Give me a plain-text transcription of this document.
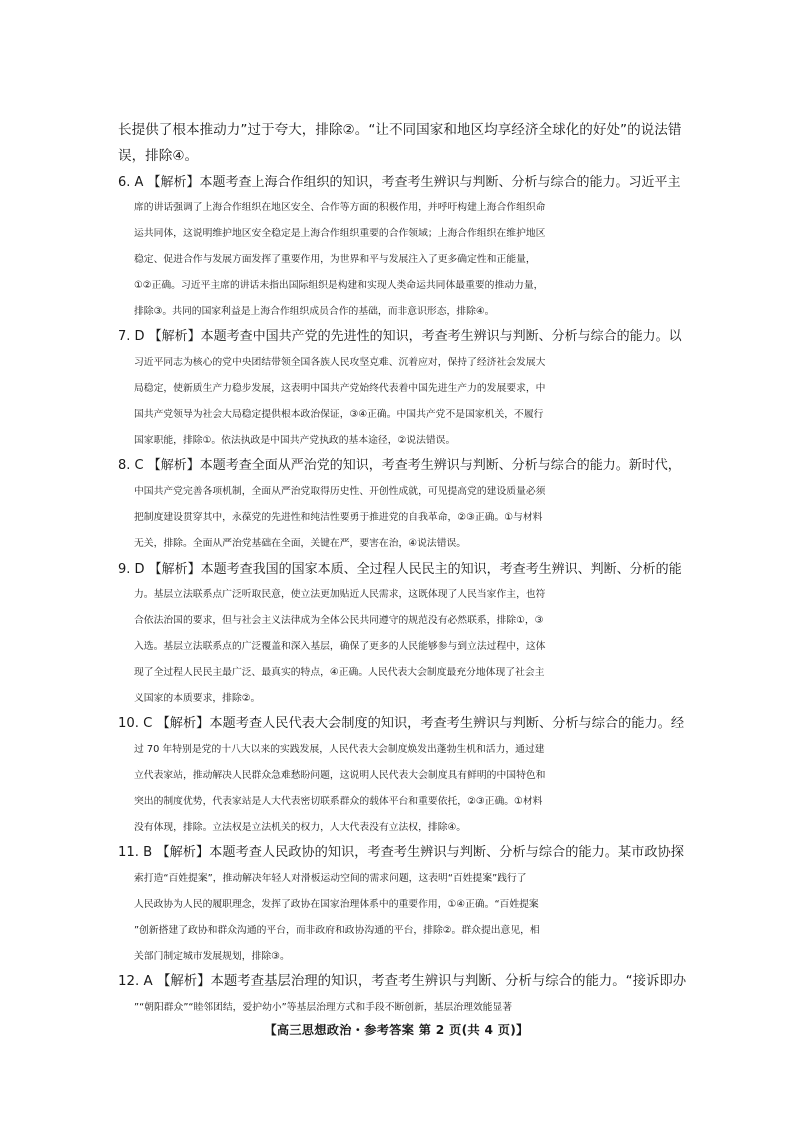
长提供了根本推动力”过于夸大，排除②。“让不同国家和地区均享经济全球化的好处”的说法错
误，排除④。
6. A 【解析】本题考查上海合作组织的知识，考查考生辨识与判断、分析与综合的能力。习近平主
席的讲话强调了上海合作组织在地区安全、合作等方面的积极作用，并呼吁构建上海合作组织命
运共同体，这说明维护地区安全稳定是上海合作组织重要的合作领域；上海合作组织在维护地区
稳定、促进合作与发展方面发挥了重要作用，为世界和平与发展注入了更多确定性和正能量，
①②正确。习近平主席的讲话未指出国际组织是构建和实现人类命运共同体最重要的推动力量，
排除③。共同的国家利益是上海合作组织成员合作的基础，而非意识形态，排除④。
7. D 【解析】本题考查中国共产党的先进性的知识，考查考生辨识与判断、分析与综合的能力。以
习近平同志为核心的党中央团结带领全国各族人民攻坚克难、沉着应对，保持了经济社会发展大
局稳定，使新质生产力稳步发展，这表明中国共产党始终代表着中国先进生产力的发展要求，中
国共产党领导为社会大局稳定提供根本政治保证，③④正确。中国共产党不是国家机关，不履行
国家职能，排除①。依法执政是中国共产党执政的基本途径，②说法错误。
8. C 【解析】本题考查全面从严治党的知识，考查考生辨识与判断、分析与综合的能力。新时代，
中国共产党完善各项机制，全面从严治党取得历史性、开创性成就，可见提高党的建设质量必须
把制度建设贯穿其中，永葆党的先进性和纯洁性要勇于推进党的自我革命，②③正确。①与材料
无关，排除。全面从严治党基础在全面，关键在严，要害在治，④说法错误。
9. D 【解析】本题考查我国的国家本质、全过程人民民主的知识，考查考生辨识、判断、分析的能
力。基层立法联系点广泛听取民意，使立法更加贴近人民需求，这既体现了人民当家作主，也符
合依法治国的要求，但与社会主义法律成为全体公民共同遵守的规范没有必然联系，排除①，③
入选。基层立法联系点的广泛覆盖和深入基层，确保了更多的人民能够参与到立法过程中，这体
现了全过程人民民主最广泛、最真实的特点，④正确。人民代表大会制度最充分地体现了社会主
义国家的本质要求，排除②。
10. C 【解析】本题考查人民代表大会制度的知识，考查考生辨识与判断、分析与综合的能力。经
过 70 年特别是党的十八大以来的实践发展，人民代表大会制度焕发出蓬勃生机和活力，通过建
立代表家站，推动解决人民群众急难愁盼问题，这说明人民代表大会制度具有鲜明的中国特色和
突出的制度优势，代表家站是人大代表密切联系群众的载体平台和重要依托，②③正确。①材料
没有体现，排除。立法权是立法机关的权力，人大代表没有立法权，排除④。
11. B 【解析】本题考查人民政协的知识，考查考生辨识与判断、分析与综合的能力。某市政协探
索打造“百姓提案”，推动解决年轻人对滑板运动空间的需求问题，这表明“百姓提案”践行了
人民政协为人民的履职理念，发挥了政协在国家治理体系中的重要作用，①④正确。“百姓提案
”创新搭建了政协和群众沟通的平台，而非政府和政协沟通的平台，排除②。群众提出意见，相
关部门制定城市发展规划，排除③。
12. A 【解析】本题考查基层治理的知识，考查考生辨识与判断、分析与综合的能力。“接诉即办
”“朝阳群众”“睦邻团结，爱护幼小”等基层治理方式和手段不断创新，基层治理效能显著
【高三思想政治・参考答案 第 2 页(共 4 页)】
